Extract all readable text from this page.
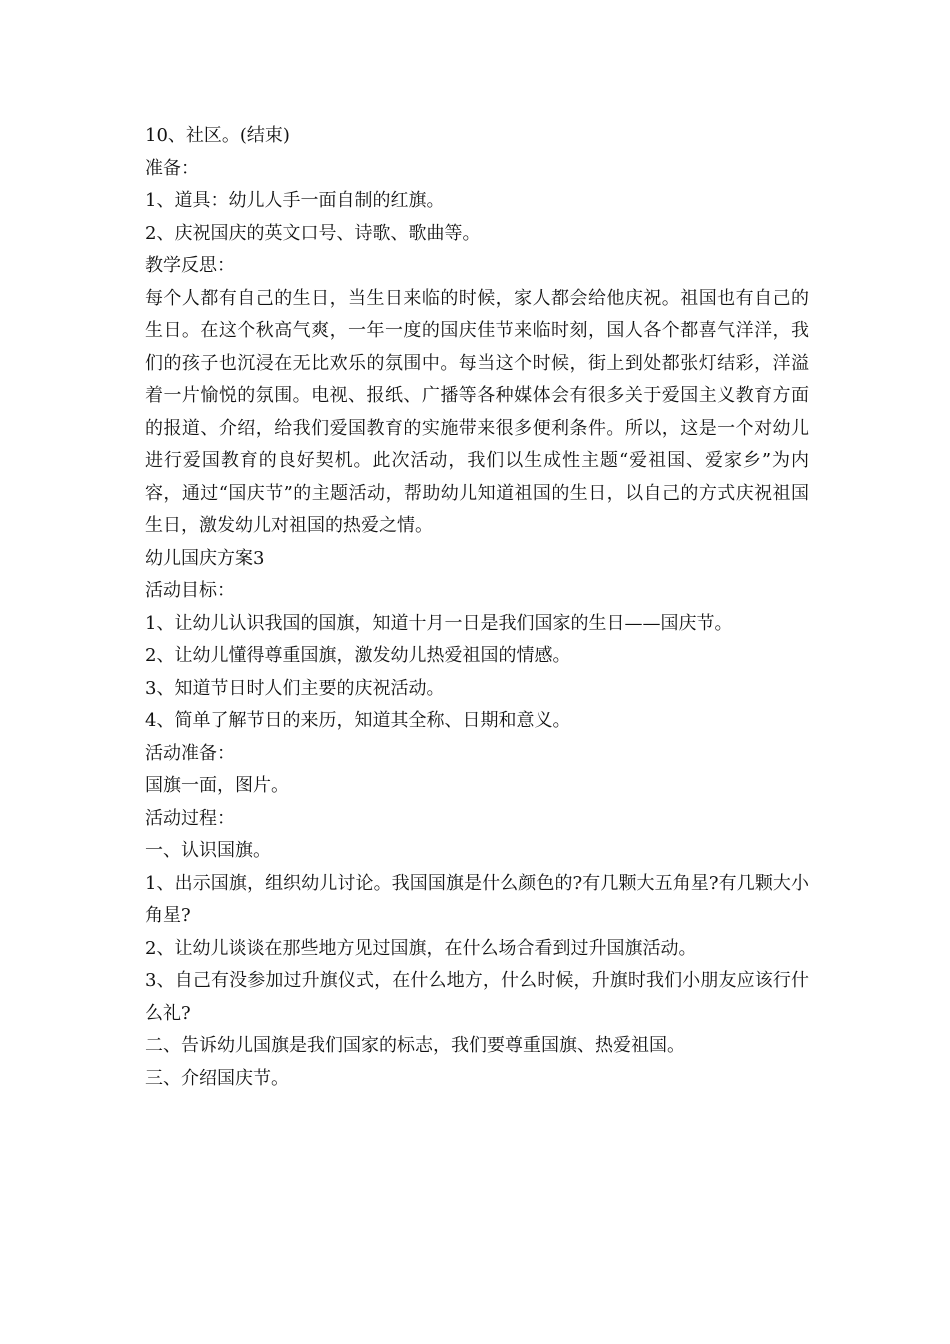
10、社区。(结束)

准备：

1、道具：幼儿人手一面自制的红旗。

2、庆祝国庆的英文口号、诗歌、歌曲等。

教学反思：

每个人都有自己的生日，当生日来临的时候，家人都会给他庆祝。祖国也有自己的生日。在这个秋高气爽，一年一度的国庆佳节来临时刻，国人各个都喜气洋洋，我们的孩子也沉浸在无比欢乐的氛围中。每当这个时候，街上到处都张灯结彩，洋溢着一片愉悦的氛围。电视、报纸、广播等各种媒体会有很多关于爱国主义教育方面的报道、介绍，给我们爱国教育的实施带来很多便利条件。所以，这是一个对幼儿进行爱国教育的良好契机。此次活动，我们以生成性主题“爱祖国、爱家乡”为内容，通过“国庆节”的主题活动，帮助幼儿知道祖国的生日，以自己的方式庆祝祖国生日，激发幼儿对祖国的热爱之情。

幼儿国庆方案3

活动目标：

1、让幼儿认识我国的国旗，知道十月一日是我们国家的生日——国庆节。

2、让幼儿懂得尊重国旗，激发幼儿热爱祖国的情感。

3、知道节日时人们主要的庆祝活动。

4、简单了解节日的来历，知道其全称、日期和意义。

活动准备：

国旗一面，图片。

活动过程：

一、认识国旗。

1、出示国旗，组织幼儿讨论。我国国旗是什么颜色的?有几颗大五角星?有几颗大小角星?

2、让幼儿谈谈在那些地方见过国旗，在什么场合看到过升国旗活动。

3、自己有没参加过升旗仪式，在什么地方，什么时候，升旗时我们小朋友应该行什么礼?

二、告诉幼儿国旗是我们国家的标志，我们要尊重国旗、热爱祖国。

三、介绍国庆节。
